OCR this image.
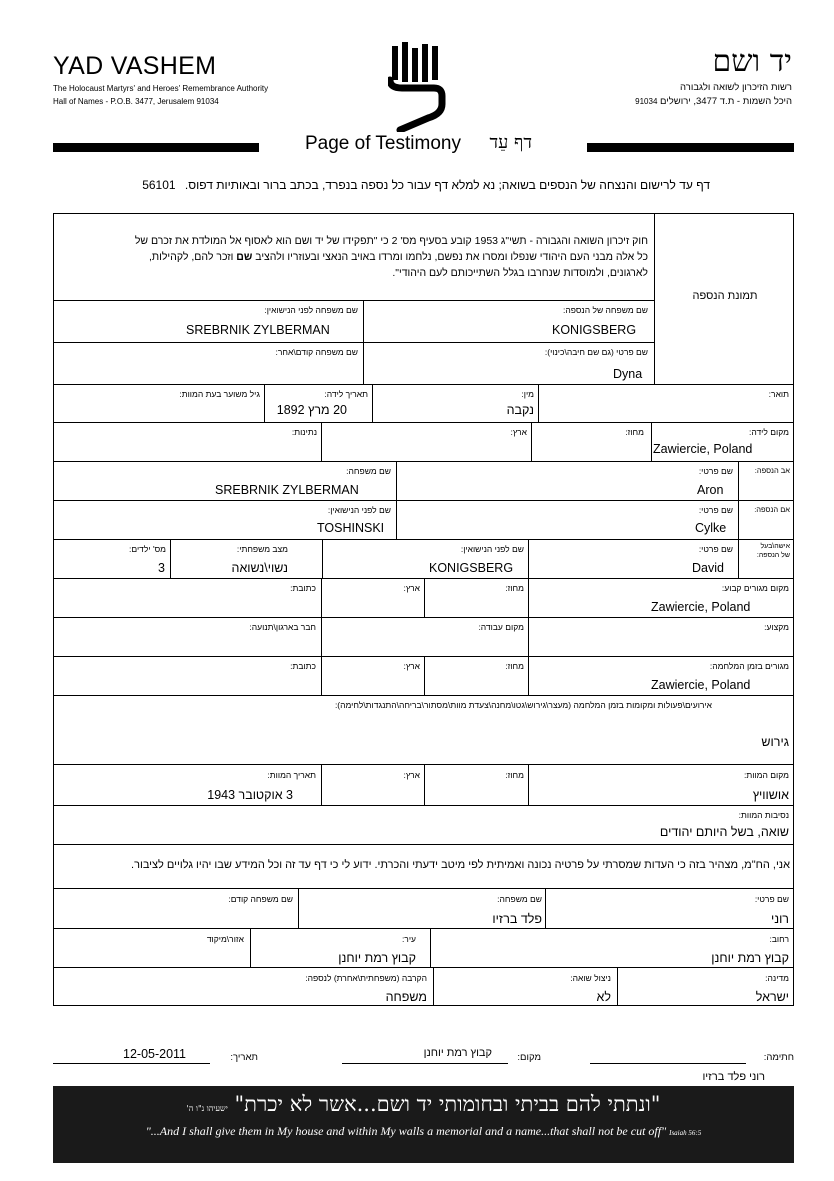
YAD VASHEM
The Holocaust Martyrs' and Heroes' Remembrance Authority
Hall of Names - P.O.B. 3477, Jerusalem 91034
יד ושם
רשות הזיכרון לשואה ולגבורה
היכל השמות - ת.ד 3477, ירושלים 91034
Page of Testimony	דף עֵד
דף עד לרישום והנצחה של הנספים בשואה; נא למלא דף עבור כל נספה בנפרד, בכתב ברור ובאותיות דפוס. 56101
תמונת הנספה
חוק זיכרון השואה והגבורה - תשי"ג 1953 קובע בסעיף מס' 2 כי "תפקידו של יד ושם הוא לאסוף אל המולדת את זכרם של
כל אלה מבני העם היהודי שנפלו ומסרו את נפשם, נלחמו ומרדו באויב הנאצי ובעוזריו ולהציב שם וזכר להם, לקהילות,
לארגונים, ולמוסדות שנחרבו בגלל השתייכותם לעם היהודי".
שם משפחה של הנספה:
KONIGSBERG
שם משפחה לפני הנישואין:
SREBRNIK ZYLBERMAN
שם פרטי (גם שם חיבה\כינוי):
Dyna
שם משפחה קודם\אחר:
תואר:
מין:
נקבה
תאריך לידה:
20 מרץ 1892
גיל משוער בעת המוות:
מקום לידה:
Zawiercie, Poland
מחוז:
ארץ:
נתינות:
אב הנספה:
שם פרטי:
Aron
שם משפחה:
SREBRNIK ZYLBERMAN
אם הנספה:
שם פרטי:
Cylke
שם לפני הנישואין:
TOSHINSKI
אישה\בעל
של הנספה:
שם פרטי:
David
שם לפני הנישואין:
KONIGSBERG
מצב משפחתי:
נשוי\נשואה
מס' ילדים:
3
מקום מגורים קבוע:
Zawiercie, Poland
מחוז:
ארץ:
כתובת:
מקצוע:
מקום עבודה:
חבר בארגון\תנועה:
מגורים בזמן המלחמה:
Zawiercie, Poland
מחוז:
ארץ:
כתובת:
אירועים\פעולות ומקומות בזמן המלחמה (מעצר\גירוש\גטו\מחנה\צעדת מוות\מסתור\בריחה\התנגדות\לחימה):
גירוש
מקום המוות:
אושוויץ
מחוז:
ארץ:
תאריך המוות:
3 אוקטובר 1943
נסיבות המוות:
שואה, בשל היותם יהודים
אני, הח"מ, מצהיר בזה כי העדות שמסרתי על פרטיה נכונה ואמיתית לפי מיטב ידעתי והכרתי. ידוע לי כי דף עד זה וכל המידע שבו יהיו גלויים לציבור.
שם פרטי:
רוני
שם משפחה:
פלד ברזיו
שם משפחה קודם:
רחוב:
קבוץ רמת יוחנן
עיר:
קבוץ רמת יוחנן
אזור\מיקוד
מדינה:
ישראל
ניצול שואה:
לא
הקרבה (משפחתית\אחרת) לנספה:
משפחה
חתימה:
רוני פלד ברזיו
מקום:
קבוץ רמת יוחנן
תאריך:
12-05-2011
"ונתתי להם בביתי ובחומותי יד ושם...אשר לא יכרת" ישעיהו נ"ו ה'
"...And I shall give them in My house and within My walls a memorial and a name...that shall not be cut off" Isaiah 56:5
